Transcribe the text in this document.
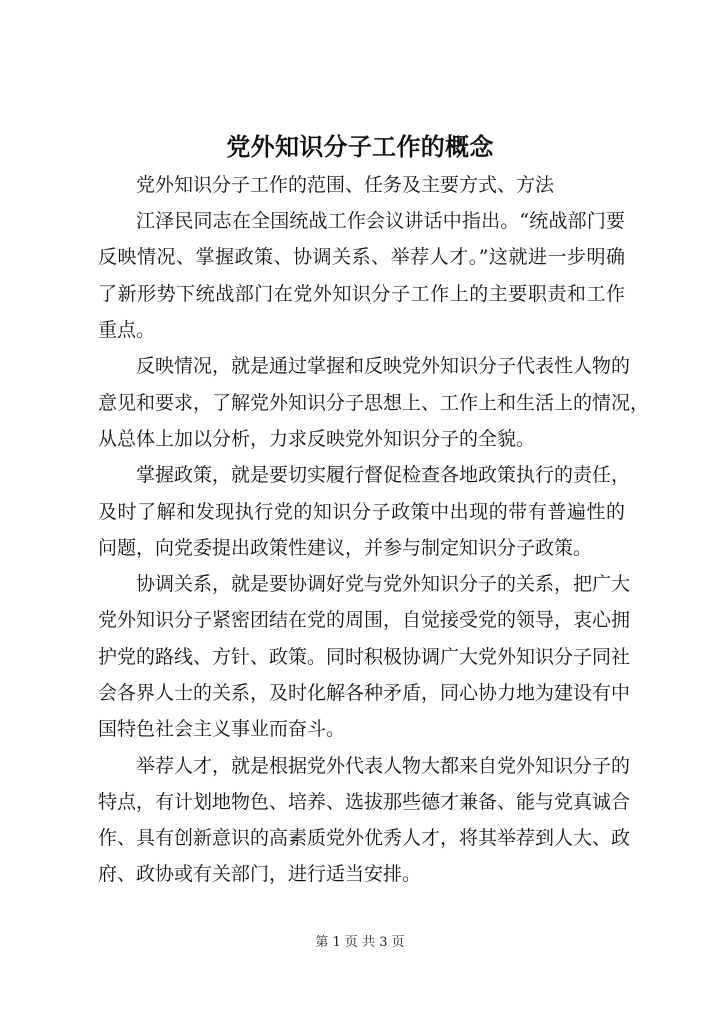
党外知识分子工作的概念
党外知识分子工作的范围、任务及主要方式、方法
江泽民同志在全国统战工作会议讲话中指出。“统战部门要
反映情况、掌握政策、协调关系、举荐人才。”这就进一步明确
了新形势下统战部门在党外知识分子工作上的主要职责和工作
重点。
反映情况，就是通过掌握和反映党外知识分子代表性人物的
意见和要求，了解党外知识分子思想上、工作上和生活上的情况，
从总体上加以分析，力求反映党外知识分子的全貌。
掌握政策，就是要切实履行督促检查各地政策执行的责任，
及时了解和发现执行党的知识分子政策中出现的带有普遍性的
问题，向党委提出政策性建议，并参与制定知识分子政策。
协调关系，就是要协调好党与党外知识分子的关系，把广大
党外知识分子紧密团结在党的周围，自觉接受党的领导，衷心拥
护党的路线、方针、政策。同时积极协调广大党外知识分子同社
会各界人士的关系，及时化解各种矛盾，同心协力地为建设有中
国特色社会主义事业而奋斗。
举荐人才，就是根据党外代表人物大都来自党外知识分子的
特点，有计划地物色、培养、选拔那些德才兼备、能与党真诚合
作、具有创新意识的高素质党外优秀人才，将其举荐到人大、政
府、政协或有关部门，进行适当安排。
第 1 页 共 3 页
